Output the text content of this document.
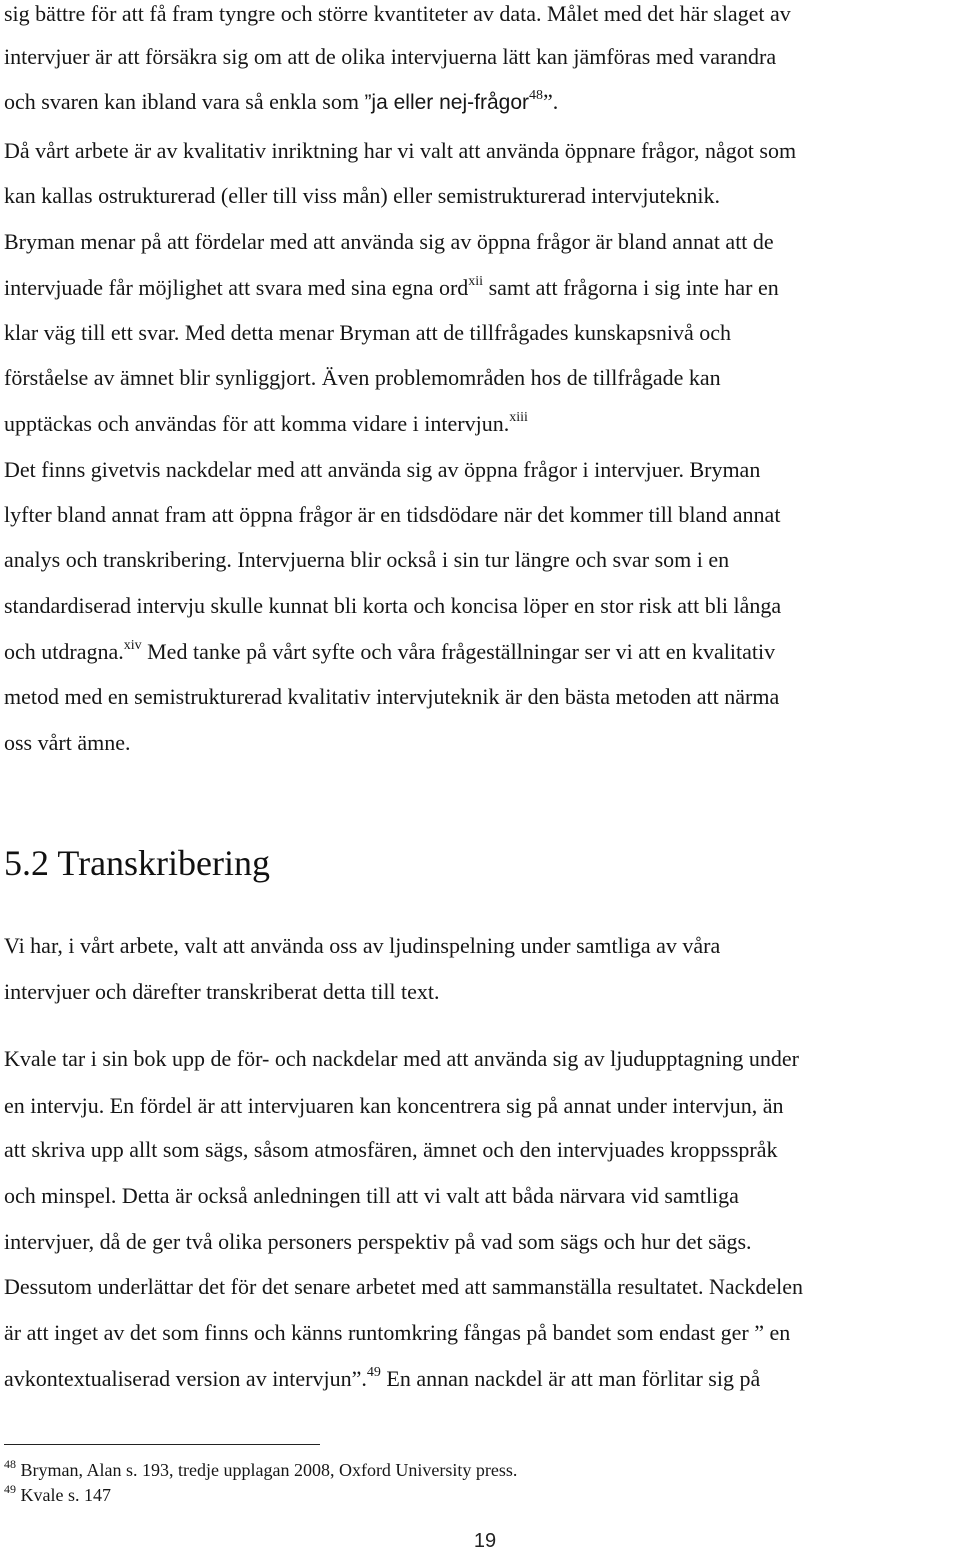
sig bättre för att få fram tyngre och större kvantiteter av data. Målet med det här slaget av
intervjuer är att försäkra sig om att de olika intervjuerna lätt kan jämföras med varandra
och svaren kan ibland vara så enkla som ”ja eller nej-frågor$^{48}$”.
Då vårt arbete är av kvalitativ inriktning har vi valt att använda öppnare frågor, något som
kan kallas ostrukturerad (eller till viss mån) eller semistrukturerad intervjuteknik.
Bryman menar på att fördelar med att använda sig av öppna frågor är bland annat att de
intervjuade får möjlighet att svara med sina egna ord$^{xii}$ samt att frågorna i sig inte har en
klar väg till ett svar. Med detta menar Bryman att de tillfrågades kunskapsnivå och
förståelse av ämnet blir synliggjort. Även problemområden hos de tillfrågade kan
upptäckas och användas för att komma vidare i intervjun.$^{xiii}$
Det finns givetvis nackdelar med att använda sig av öppna frågor i intervjuer. Bryman
lyfter bland annat fram att öppna frågor är en tidsdödare när det kommer till bland annat
analys och transkribering. Intervjuerna blir också i sin tur längre och svar som i en
standardiserad intervju skulle kunnat bli korta och koncisa löper en stor risk att bli långa
och utdragna.$^{xiv}$ Med tanke på vårt syfte och våra frågeställningar ser vi att en kvalitativ
metod med en semistrukturerad kvalitativ intervjuteknik är den bästa metoden att närma
oss vårt ämne.
5.2 Transkribering
Vi har, i vårt arbete, valt att använda oss av ljudinspelning under samtliga av våra
intervjuer och därefter transkriberat detta till text.
Kvale tar i sin bok upp de för- och nackdelar med att använda sig av ljudupptagning under
en intervju. En fördel är att intervjuaren kan koncentrera sig på annat under intervjun, än
att skriva upp allt som sägs, såsom atmosfären, ämnet och den intervjuades kroppsspråk
och minspel. Detta är också anledningen till att vi valt att båda närvara vid samtliga
intervjuer, då de ger två olika personers perspektiv på vad som sägs och hur det sägs.
Dessutom underlättar det för det senare arbetet med att sammanställa resultatet. Nackdelen
är att inget av det som finns och känns runtomkring fångas på bandet som endast ger ” en
avkontextualiserad version av intervjun”.$^{49}$ En annan nackdel är att man förlitar sig på
$^{48}$ Bryman, Alan s. 193, tredje upplagan 2008, Oxford University press.
$^{49}$ Kvale s. 147
19
